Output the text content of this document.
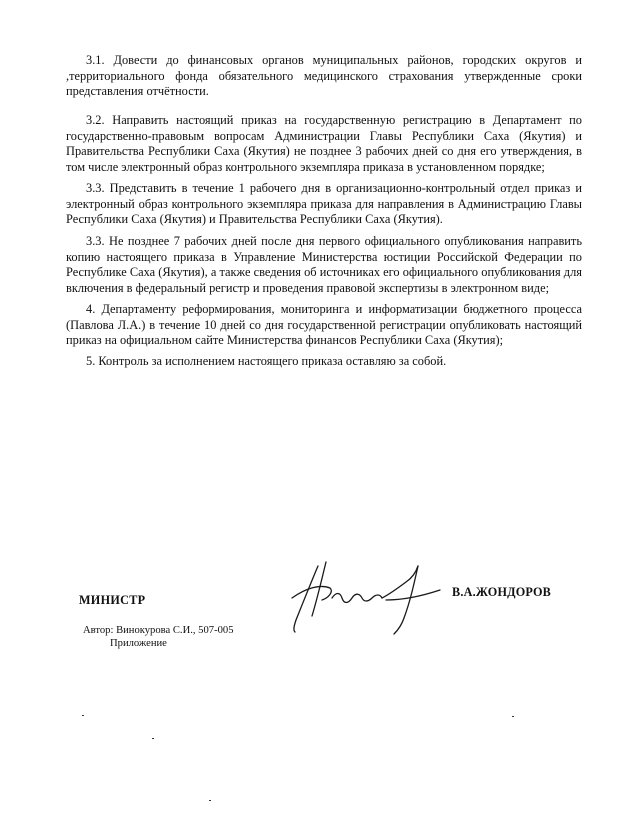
3.1. Довести до финансовых органов муниципальных районов, городских округов и ,территориального фонда обязательного медицинского страхования утвержденные сроки представления отчётности.

3.2. Направить настоящий приказ на государственную регистрацию в Департамент по государственно-правовым вопросам Администрации Главы Республики Саха (Якутия) и Правительства Республики Саха (Якутия) не позднее 3 рабочих дней со дня его утверждения, в том числе электронный образ контрольного экземпляра приказа в установленном порядке;

3.3. Представить в течение 1 рабочего дня в организационно-контрольный отдел приказ и электронный образ контрольного экземпляра приказа для направления в Администрацию Главы Республики Саха (Якутия) и Правительства Республики Саха (Якутия).

3.3. Не позднее 7 рабочих дней после дня первого официального опубликования направить копию настоящего приказа в Управление Министерства юстиции Российской Федерации по Республике Саха (Якутия), а также сведения об источниках его официального опубликования для включения в федеральный регистр и проведения правовой экспертизы в электронном виде;

4. Департаменту реформирования, мониторинга и информатизации бюджетного процесса (Павлова Л.А.) в течение 10 дней со дня государственной регистрации опубликовать настоящий приказ на официальном сайте Министерства финансов Республики Саха (Якутия);

5. Контроль за исполнением настоящего приказа оставляю за собой.

МИНИСТР
В.А.ЖОНДОРОВ
Автор: Винокурова С.И., 507-005
Приложение
